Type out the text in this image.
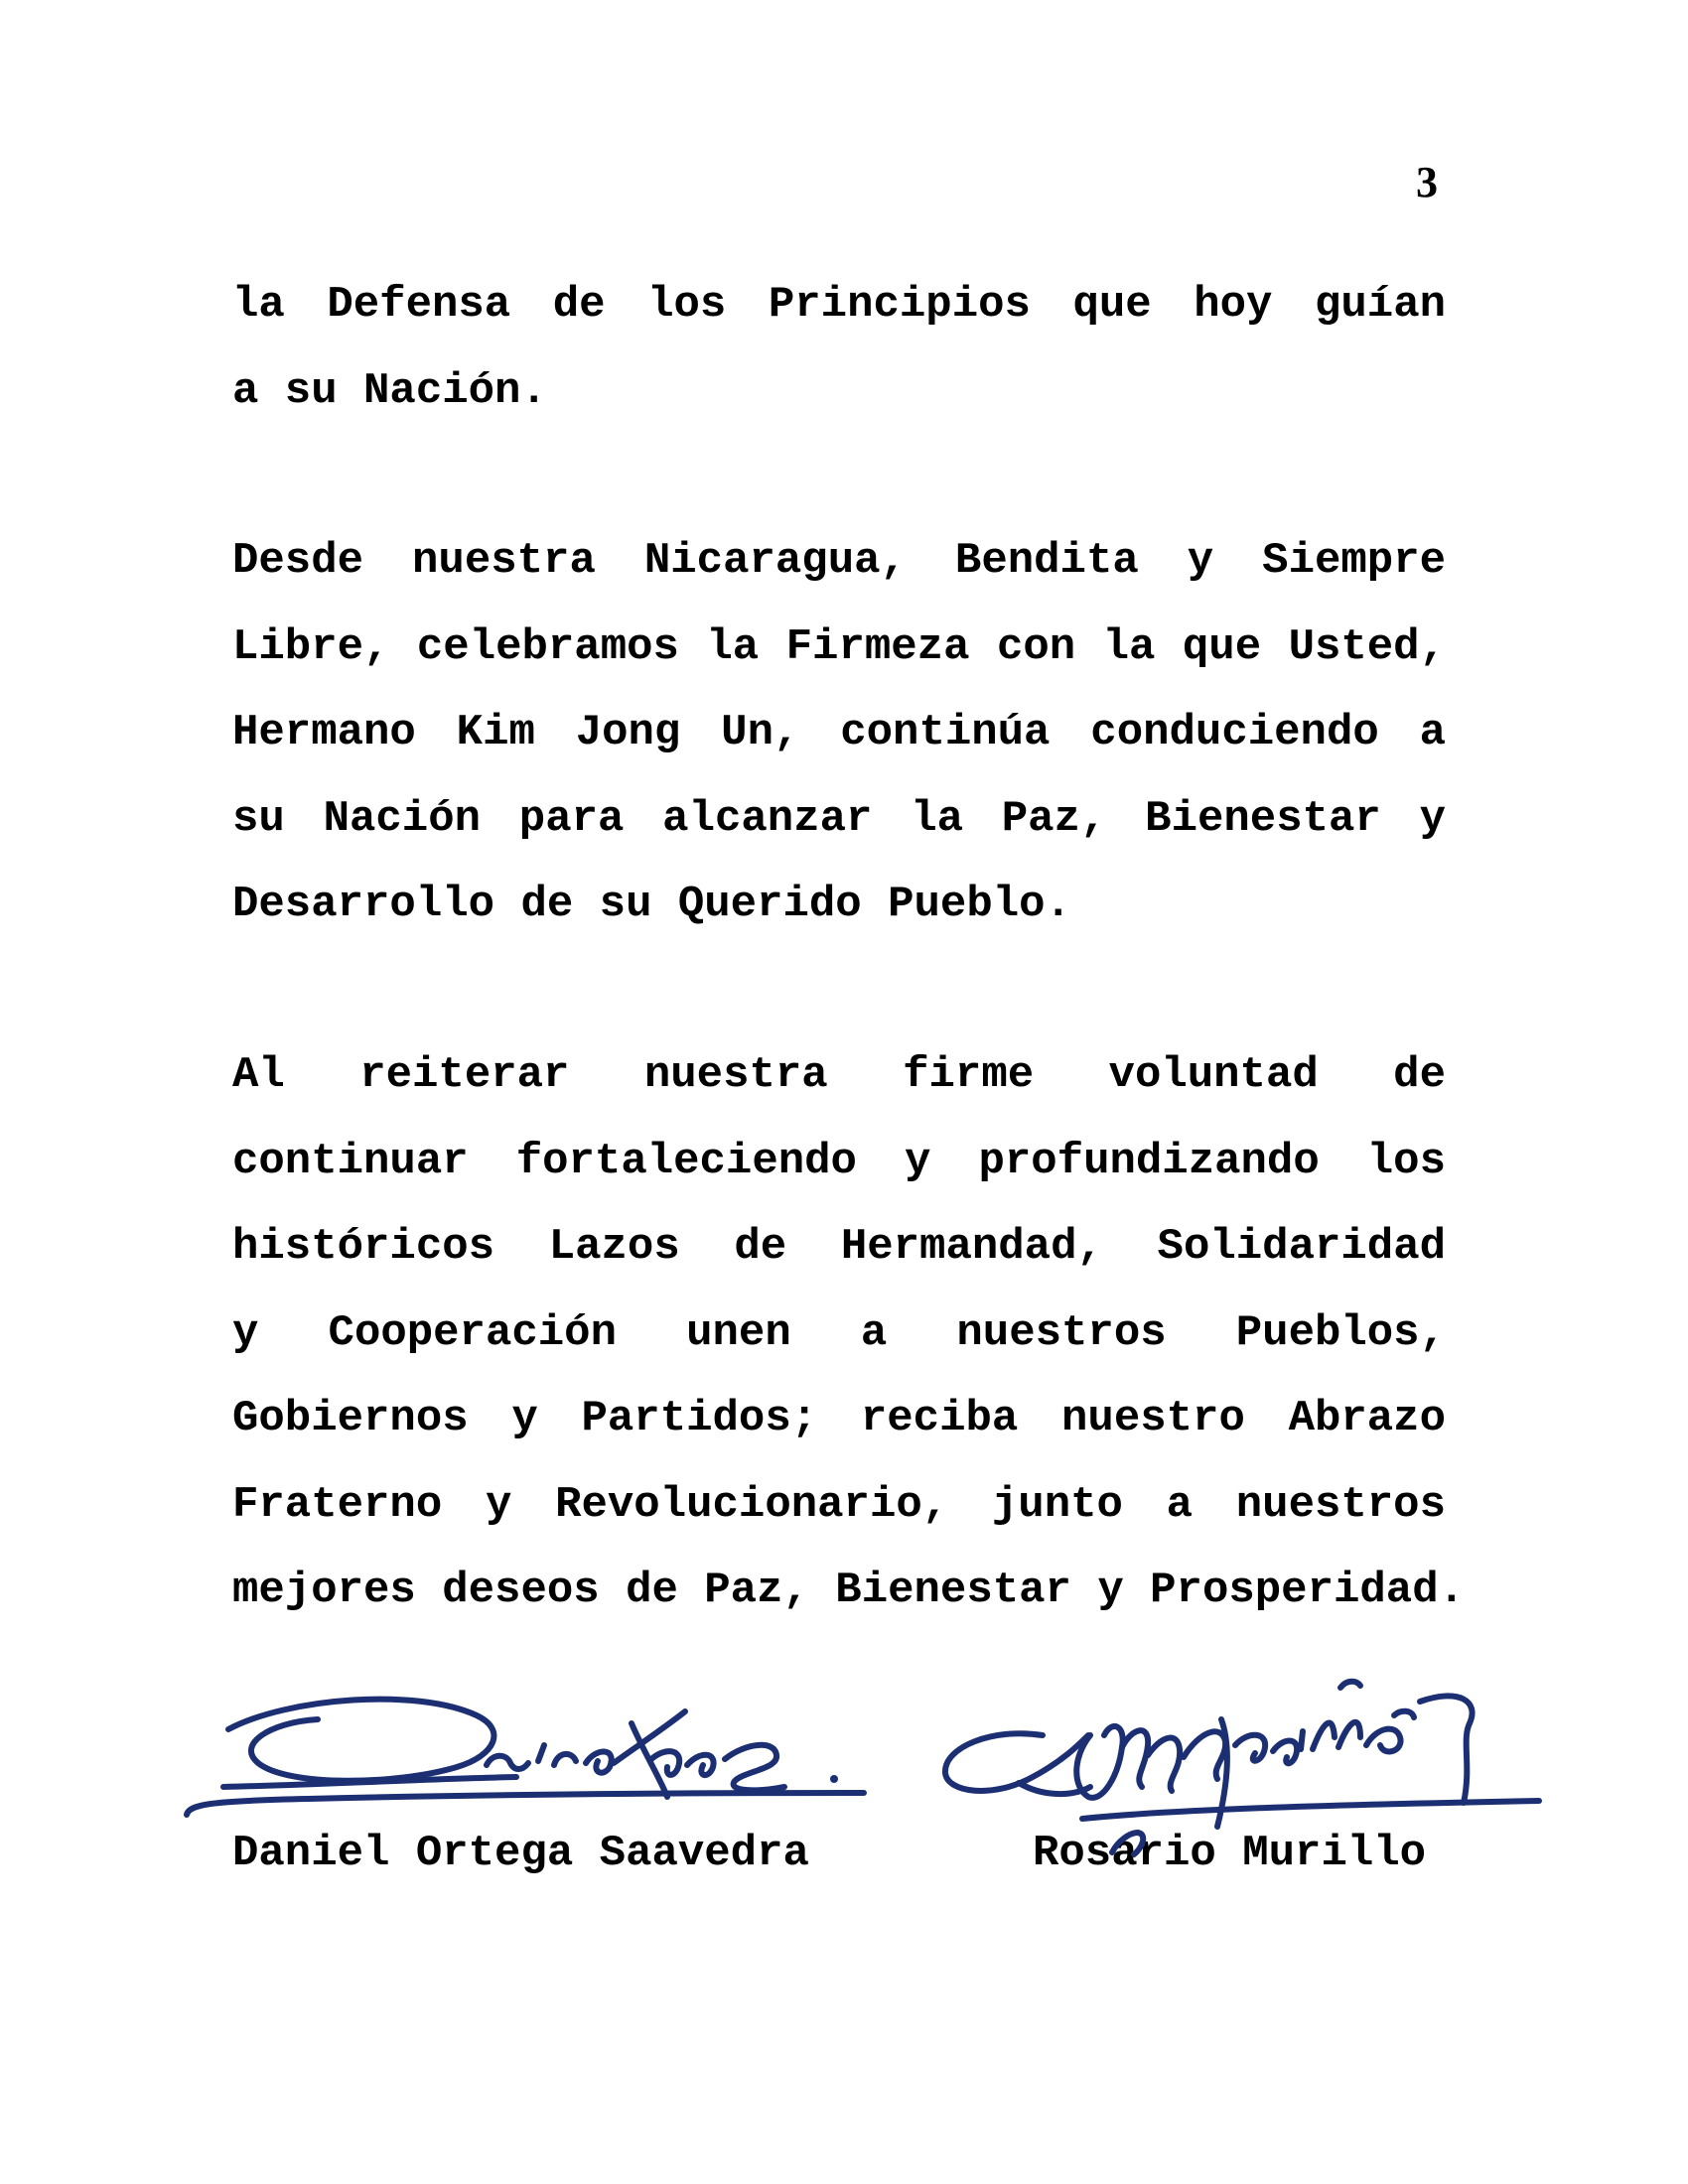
3
la Defensa de los Principios que hoy guían
a su Nación.
Desde nuestra Nicaragua, Bendita y Siempre
Libre, celebramos la Firmeza con la que Usted,
Hermano Kim Jong Un, continúa conduciendo a
su Nación para alcanzar la Paz, Bienestar y
Desarrollo de su Querido Pueblo.
Al reiterar nuestra firme voluntad de
continuar fortaleciendo y profundizando los
históricos Lazos de Hermandad, Solidaridad
y Cooperación unen a nuestros Pueblos,
Gobiernos y Partidos; reciba nuestro Abrazo
Fraterno y Revolucionario, junto a nuestros
mejores deseos de Paz, Bienestar y Prosperidad.
Daniel Ortega Saavedra	Rosario Murillo
